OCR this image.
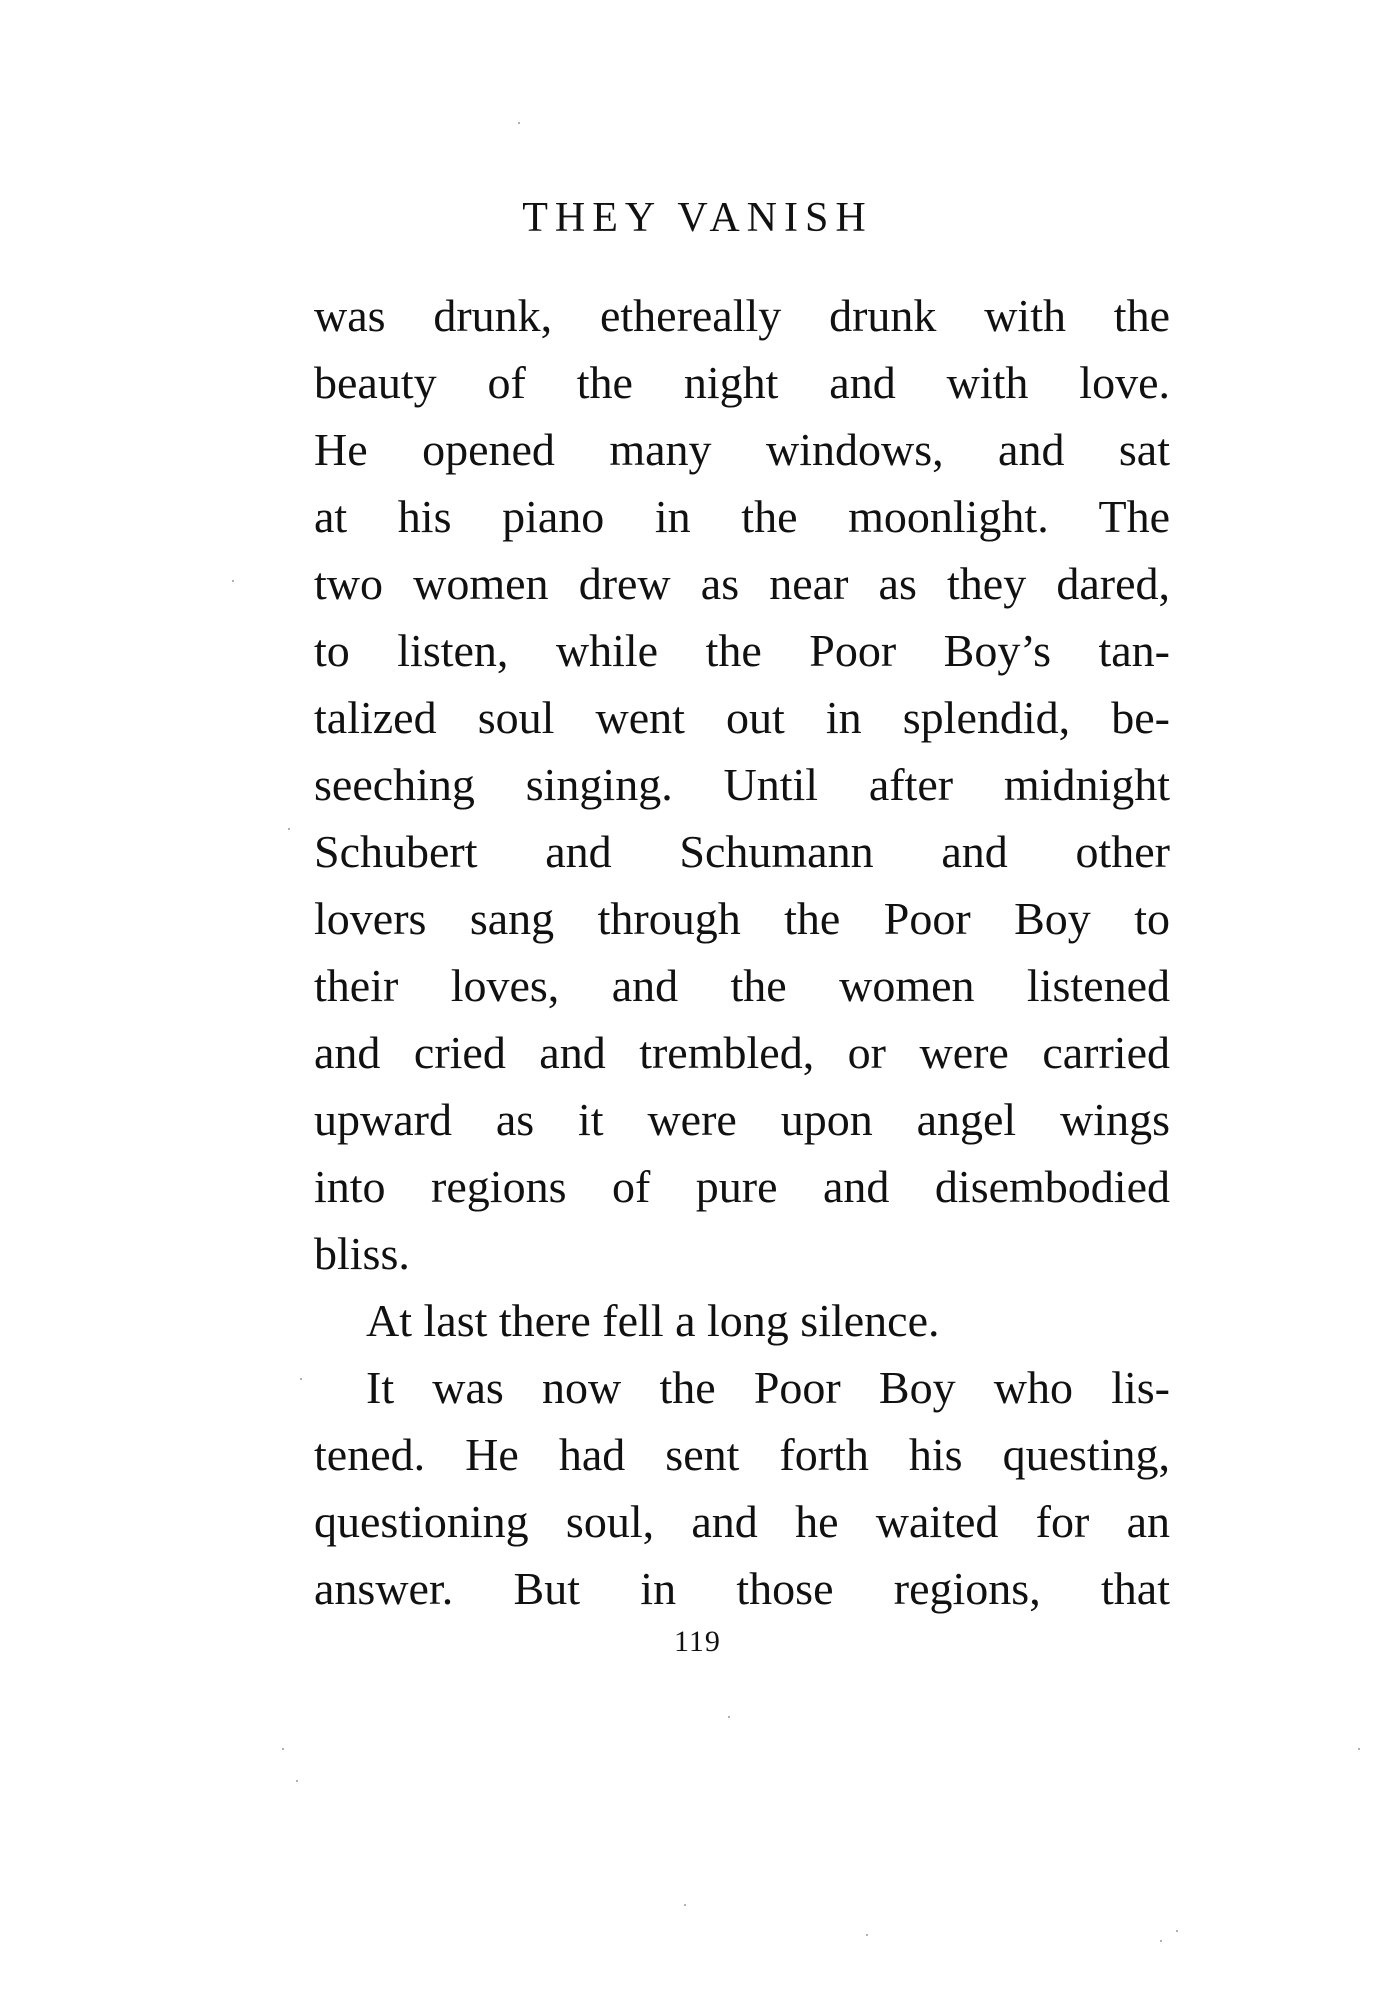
THEY VANISH
was drunk, ethereally drunk with the
beauty of the night and with love.
He opened many windows, and sat
at his piano in the moonlight. The
two women drew as near as they dared,
to listen, while the Poor Boy’s tan-
talized soul went out in splendid, be-
seeching singing. Until after midnight
Schubert and Schumann and other
lovers sang through the Poor Boy to
their loves, and the women listened
and cried and trembled, or were carried
upward as it were upon angel wings
into regions of pure and disembodied
bliss.
At last there fell a long silence.
It was now the Poor Boy who lis-
tened. He had sent forth his questing,
questioning soul, and he waited for an
answer. But in those regions, that
119
